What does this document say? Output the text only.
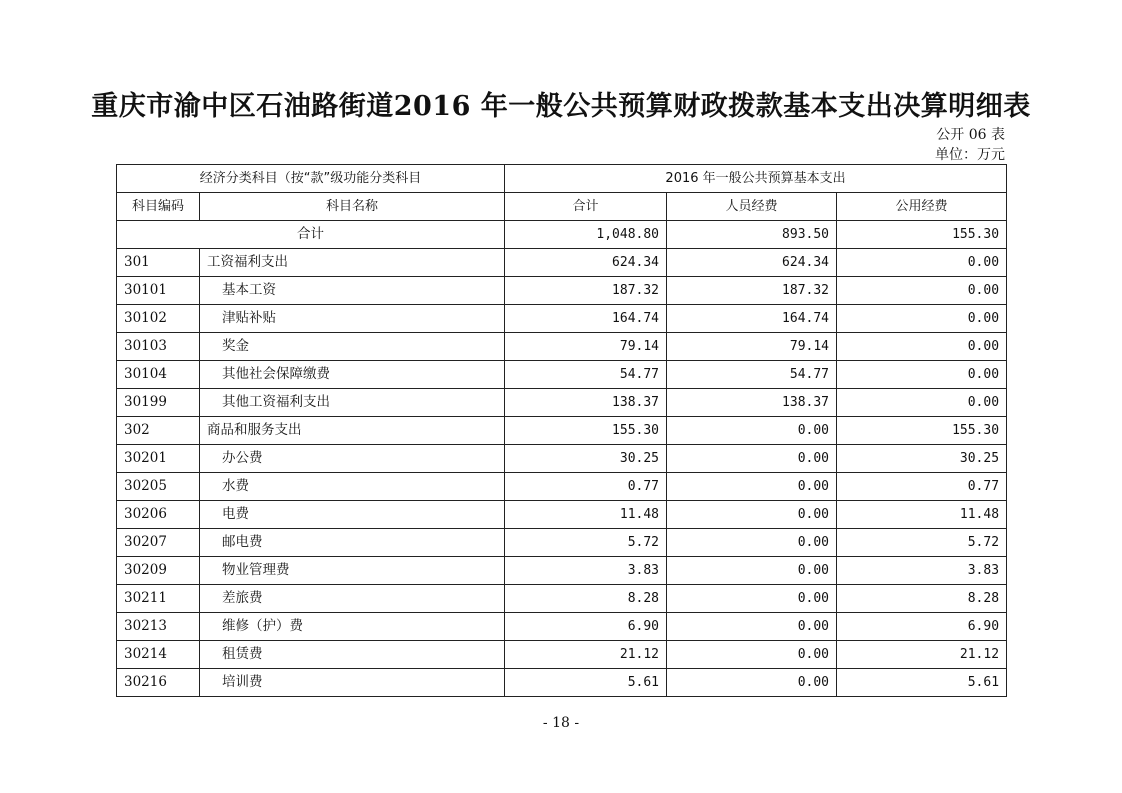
重庆市渝中区石油路街道2016 年一般公共预算财政拨款基本支出决算明细表
公开 06 表
单位：万元
经济分类科目（按“款”级功能分类科目		2016 年一般公共预算基本支出		
科目编码	科目名称	合计	人员经费	公用经费
合计		1,048.80	893.50	155.30
301	工资福利支出	624.34	624.34	0.00
30101	基本工资	187.32	187.32	0.00
30102	津贴补贴	164.74	164.74	0.00
30103	奖金	79.14	79.14	0.00
30104	其他社会保障缴费	54.77	54.77	0.00
30199	其他工资福利支出	138.37	138.37	0.00
302	商品和服务支出	155.30	0.00	155.30
30201	办公费	30.25	0.00	30.25
30205	水费	0.77	0.00	0.77
30206	电费	11.48	0.00	11.48
30207	邮电费	5.72	0.00	5.72
30209	物业管理费	3.83	0.00	3.83
30211	差旅费	8.28	0.00	8.28
30213	维修（护）费	6.90	0.00	6.90
30214	租赁费	21.12	0.00	21.12
30216	培训费	5.61	0.00	5.61
- 18 -
